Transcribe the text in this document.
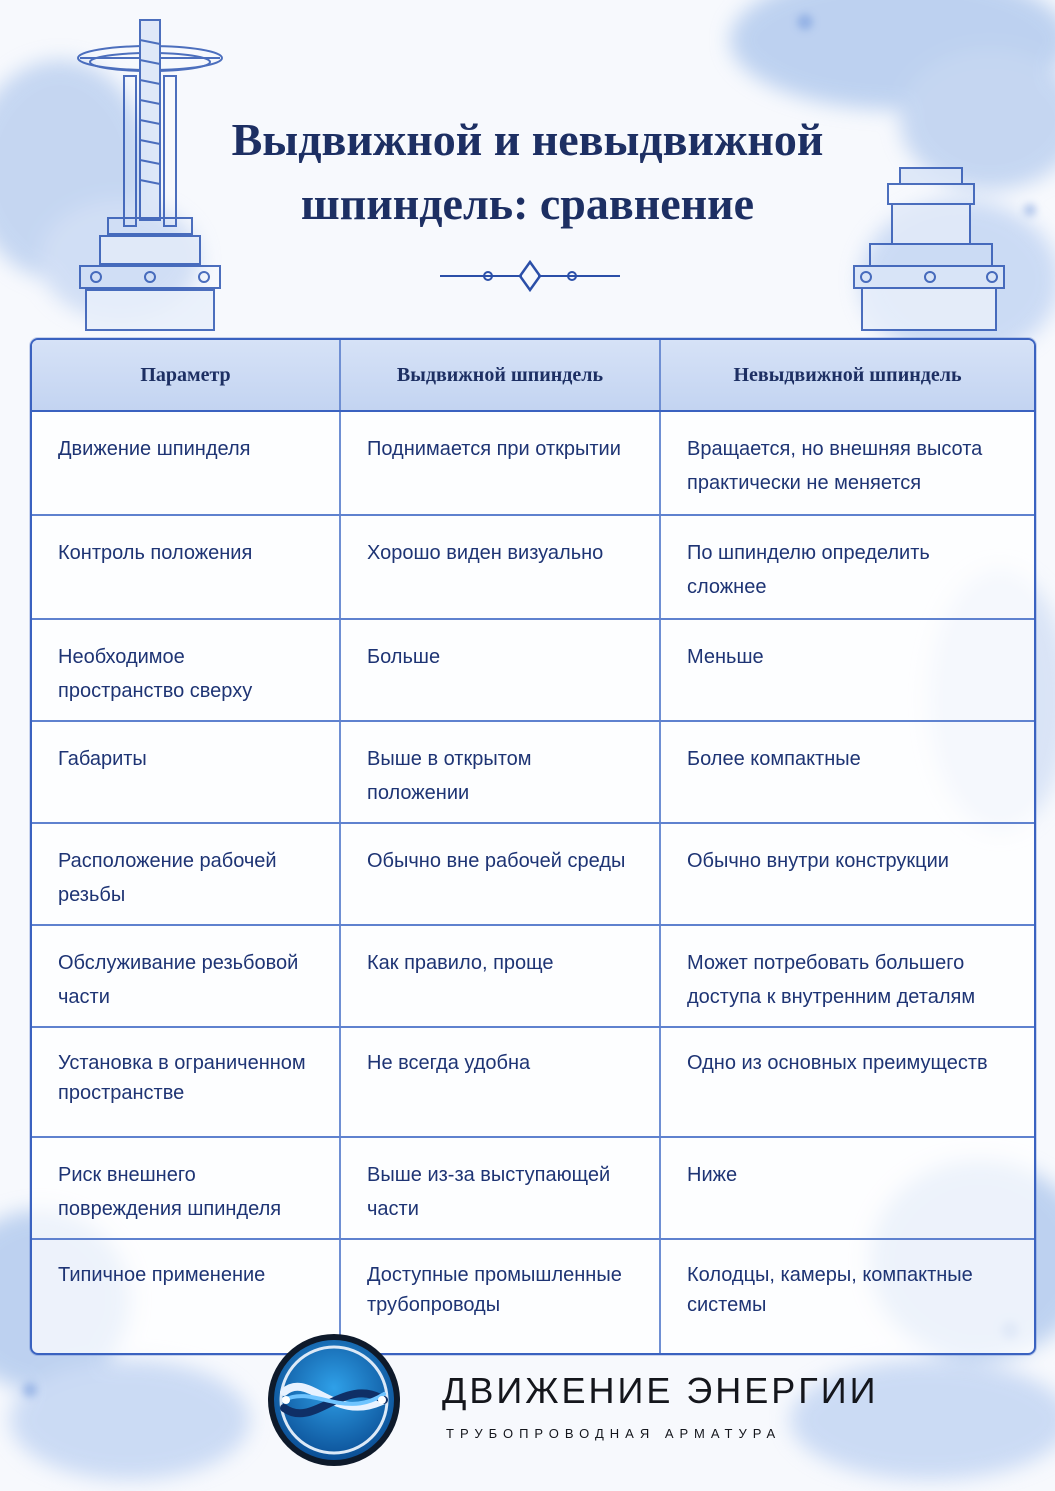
Выдвижной и невыдвижной
шпиндель: сравнение
Параметр	Выдвижной шпиндель	Невыдвижной шпиндель
Движение шпинделя	Поднимается при открытии	Вращается, но внешняя высота практически не меняется
Контроль положения	Хорошо виден визуально	По шпинделю определить сложнее
Необходимое пространство сверху	Больше	Меньше
Габариты	Выше в открытом положении	Более компактные
Расположение рабочей резьбы	Обычно вне рабочей среды	Обычно внутри конструкции
Обслуживание резьбовой части	Как правило, проще	Может потребовать большего доступа к внутренним деталям
Установка в ограниченном пространстве	Не всегда удобна	Одно из основных преимуществ
Риск внешнего повреждения шпинделя	Выше из-за выступающей части	Ниже
Типичное применение	Доступные промышленные трубопроводы	Колодцы, камеры, компактные системы

ДВИЖЕНИЕ ЭНЕРГИИ

ТРУБОПРОВОДНАЯ АРМАТУРА
